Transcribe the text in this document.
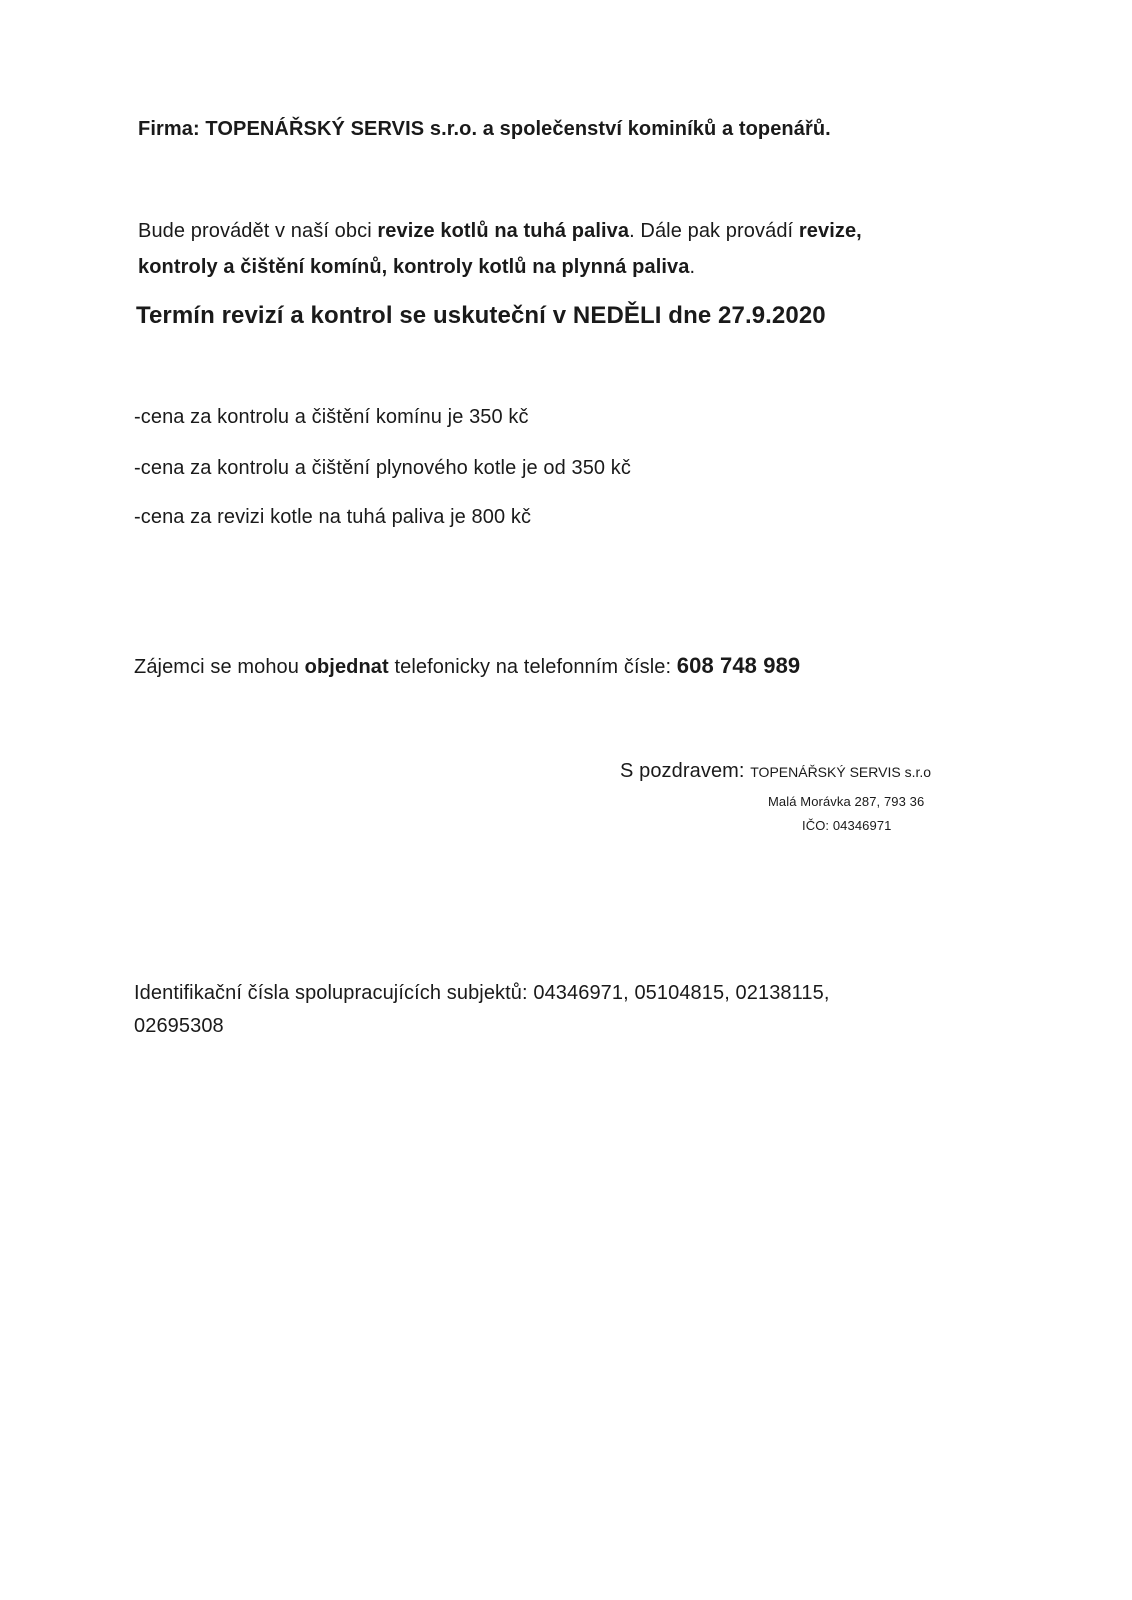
Firma: TOPENÁŘSKÝ SERVIS s.r.o. a společenství kominíků a topenářů.
Bude provádět v naší obci revize kotlů na tuhá paliva. Dále pak provádí revize,
kontroly a čištění komínů, kontroly kotlů na plynná paliva.
Termín revizí a kontrol se uskuteční v NEDĚLI dne 27.9.2020
-cena za kontrolu a čištění komínu je 350 kč
-cena za kontrolu a čištění plynového kotle je od 350 kč
-cena za revizi kotle na tuhá paliva je 800 kč
Zájemci se mohou objednat telefonicky na telefonním čísle: 608 748 989
S pozdravem: TOPENÁŘSKÝ SERVIS s.r.o
Malá Morávka 287, 793 36
IČO: 04346971
Identifikační čísla spolupracujících subjektů: 04346971, 05104815, 02138115,
02695308
